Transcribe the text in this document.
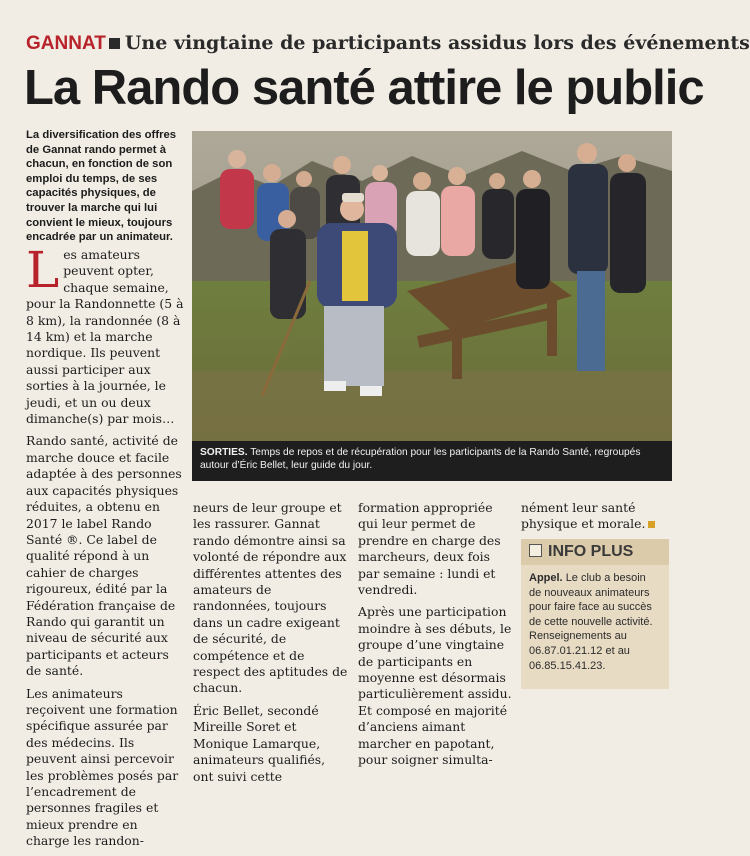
GANNAT Une vingtaine de participants assidus lors des événements
La Rando santé attire le public
La diversification des offres de Gannat rando permet à chacun, en fonction de son emploi du temps, de ses capacités physiques, de trouver la marche qui lui convient le mieux, toujours encadrée par un animateur.

Les amateurs peuvent opter, chaque semaine, pour la Randonnette (5 à 8 km), la randonnée (8 à 14 km) et la marche nordique. Ils peuvent aussi participer aux sorties à la journée, le jeudi, et un ou deux dimanche(s) par mois…

Rando santé, activité de marche douce et facile adaptée à des personnes aux capacités physiques réduites, a obtenu en 2017 le label Rando Santé ®. Ce label de qualité répond à un cahier de charges rigoureux, édité par la Fédération française de Rando qui garantit un niveau de sécurité aux participants et acteurs de santé.

Les animateurs reçoivent une formation spécifique assurée par des médecins. Ils peuvent ainsi percevoir les problèmes posés par l’encadrement de personnes fragiles et mieux prendre en charge les randon-

SORTIES. Temps de repos et de récupération pour les participants de la Rando Santé, regroupés autour d’Éric Bellet, leur guide du jour.

neurs de leur groupe et les rassurer. Gannat rando démontre ainsi sa volonté de répondre aux différentes attentes des amateurs de randonnées, toujours dans un cadre exigeant de sécurité, de compétence et de respect des aptitudes de chacun.

Éric Bellet, secondé Mireille Soret et Monique Lamarque, animateurs qualifiés, ont suivi cette

formation appropriée qui leur permet de prendre en charge des marcheurs, deux fois par semaine : lundi et vendredi.

Après une participation moindre à ses débuts, le groupe d’une vingtaine de participants en moyenne est désormais particulièrement assidu. Et composé en majorité d’anciens aimant marcher en papotant, pour soigner simulta-

nément leur santé physique et morale.

INFO PLUS
Appel. Le club a besoin de nouveaux animateurs pour faire face au succès de cette nouvelle activité. Renseignements au 06.87.01.21.12 et au 06.85.15.41.23.
